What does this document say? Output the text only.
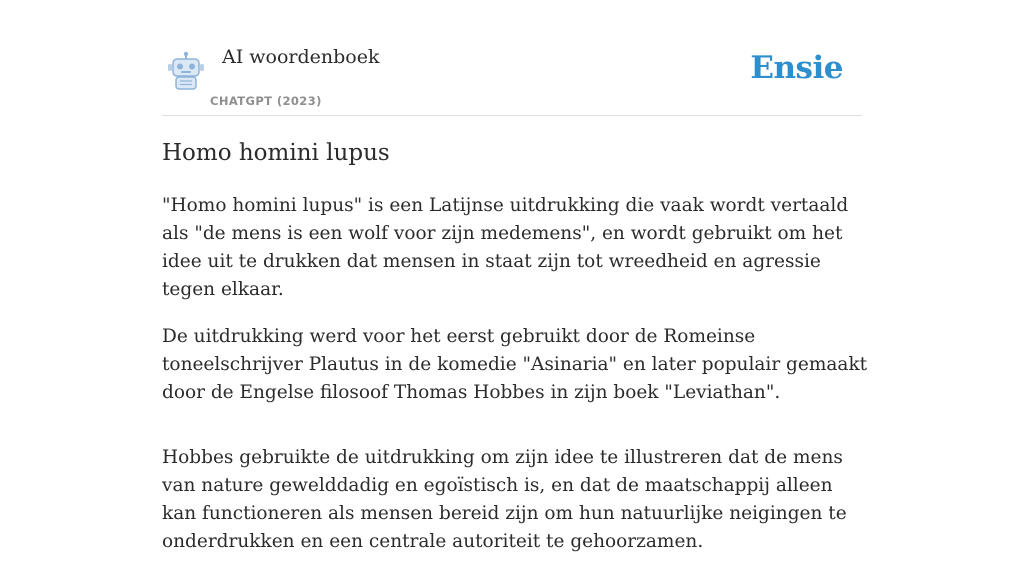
AI woordenboek
CHATGPT (2023)
Ensie
Homo homini lupus

"Homo homini lupus" is een Latijnse uitdrukking die vaak wordt vertaald als "de mens is een wolf voor zijn medemens", en wordt gebruikt om het idee uit te drukken dat mensen in staat zijn tot wreedheid en agressie tegen elkaar.

De uitdrukking werd voor het eerst gebruikt door de Romeinse toneelschrijver Plautus in de komedie "Asinaria" en later populair gemaakt door de Engelse filosoof Thomas Hobbes in zijn boek "Leviathan".

Hobbes gebruikte de uitdrukking om zijn idee te illustreren dat de mens van nature gewelddadig en egoïstisch is, en dat de maatschappij alleen kan functioneren als mensen bereid zijn om hun natuurlijke neigingen te onderdrukken en een centrale autoriteit te gehoorzamen.
